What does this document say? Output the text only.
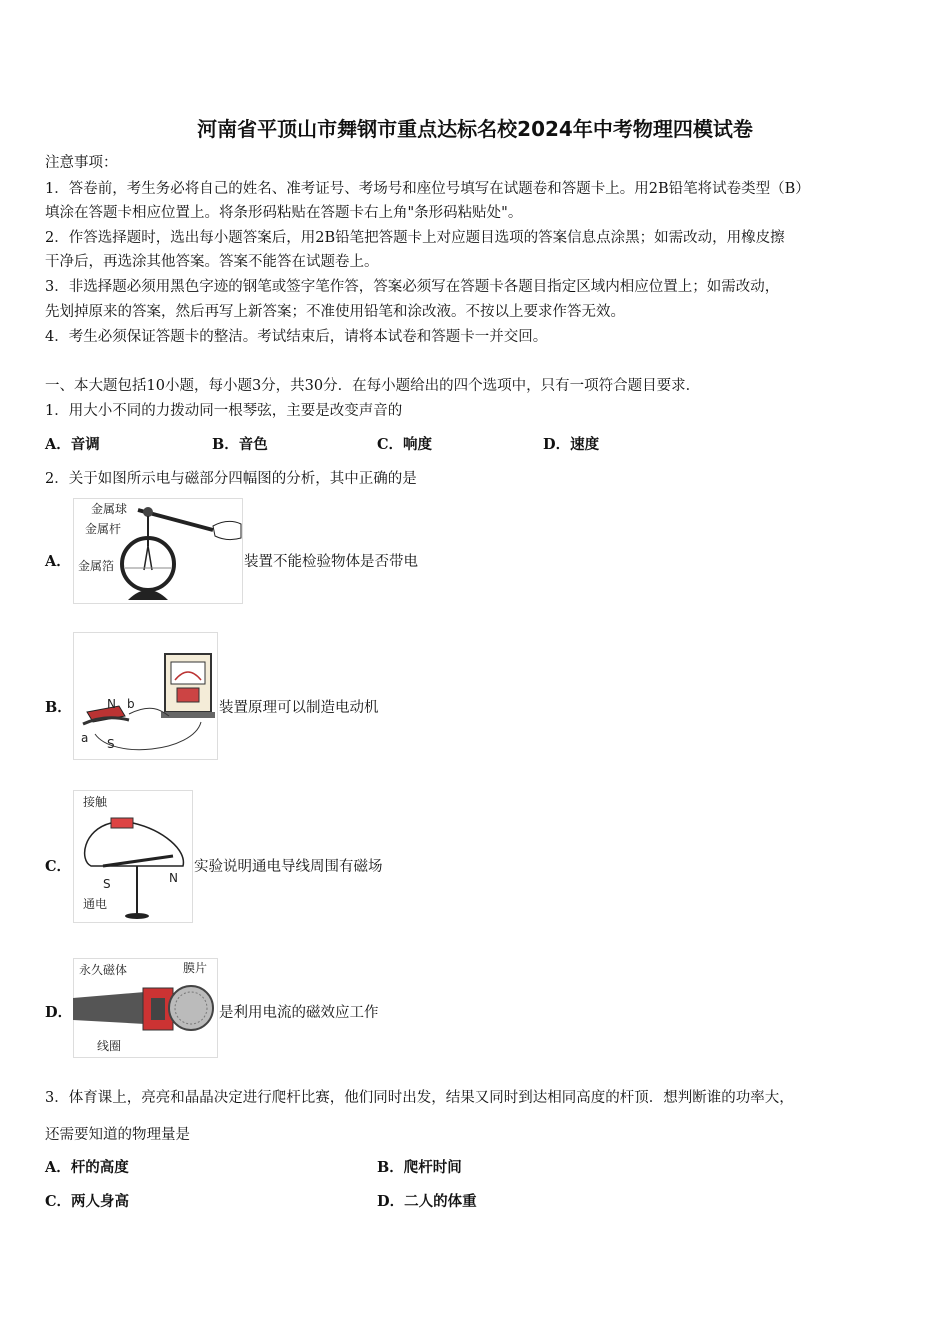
河南省平顶山市舞钢市重点达标名校2024年中考物理四模试卷
注意事项：
1．答卷前，考生务必将自己的姓名、准考证号、考场号和座位号填写在试题卷和答题卡上。用2B铅笔将试卷类型（B）
填涂在答题卡相应位置上。将条形码粘贴在答题卡右上角"条形码粘贴处"。
2．作答选择题时，选出每小题答案后，用2B铅笔把答题卡上对应题目选项的答案信息点涂黑；如需改动，用橡皮擦
干净后，再选涂其他答案。答案不能答在试题卷上。
3．非选择题必须用黑色字迹的钢笔或签字笔作答，答案必须写在答题卡各题目指定区域内相应位置上；如需改动，
先划掉原来的答案，然后再写上新答案；不准使用铅笔和涂改液。不按以上要求作答无效。
4．考生必须保证答题卡的整洁。考试结束后，请将本试卷和答题卡一并交回。
一、本大题包括10小题，每小题3分，共30分．在每小题给出的四个选项中，只有一项符合题目要求．
1．用大小不同的力拨动同一根琴弦，主要是改变声音的
A．音调	B．音色	C．响度	D．速度
2．关于如图所示电与磁部分四幅图的分析，其中正确的是
A．
金属球
金属杆
金属箔	装置不能检验物体是否带电
B．	N b
a S
装置原理可以制造电动机
C．
接触
S	N
通电
实验说明通电导线周围有磁场
D．
永久磁体	膜片
线圈
是利用电流的磁效应工作
3．体育课上，亮亮和晶晶决定进行爬杆比赛，他们同时出发，结果又同时到达相同高度的杆顶．想判断谁的功率大，
还需要知道的物理量是
A．杆的高度	B．爬杆时间
C．两人身高	D．二人的体重
